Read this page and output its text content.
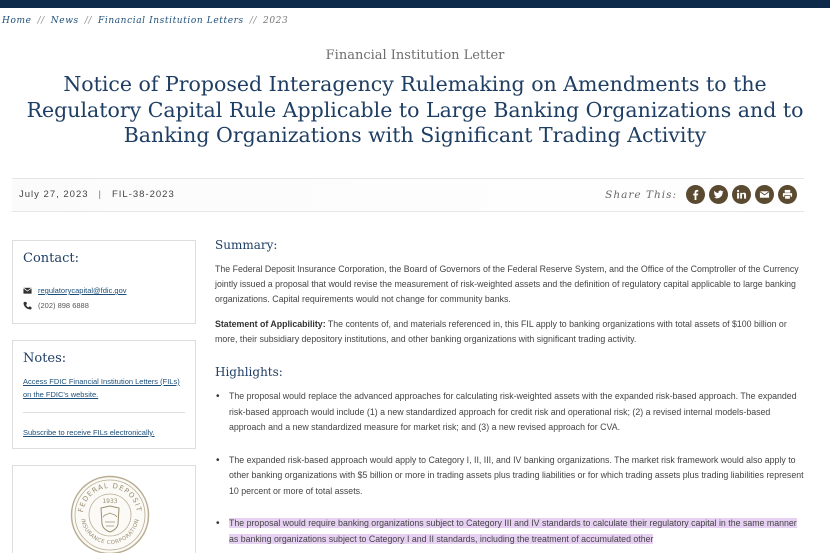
Home // News // Financial Institution Letters // 2023
Financial Institution Letter
Notice of Proposed Interagency Rulemaking on Amendments to the Regulatory Capital Rule Applicable to Large Banking Organizations and to Banking Organizations with Significant Trading Activity
July 27, 2023 | FIL-38-2023	Share This:
Contact:
regulatorycapital@fdic.gov
(202) 898 6888
Notes:
Access FDIC Financial Institution Letters (FILs) on the FDIC's website.
Subscribe to receive FILs electronically.
FEDERAL DEPOSIT
INSURANCE CORPORATION
1933
Summary:

The Federal Deposit Insurance Corporation, the Board of Governors of the Federal Reserve System, and the Office of the Comptroller of the Currency jointly issued a proposal that would revise the measurement of risk-weighted assets and the definition of regulatory capital applicable to large banking organizations. Capital requirements would not change for community banks.

Statement of Applicability: The contents of, and materials referenced in, this FIL apply to banking organizations with total assets of $100 billion or more, their subsidiary depository institutions, and other banking organizations with significant trading activity.

Highlights:
• The proposal would replace the advanced approaches for calculating risk-weighted assets with the expanded risk-based approach. The expanded risk-based approach would include (1) a new standardized approach for credit risk and operational risk; (2) a revised internal models-based approach and a new standardized measure for market risk; and (3) a new revised approach for CVA.
• The expanded risk-based approach would apply to Category I, II, III, and IV banking organizations. The market risk framework would also apply to other banking organizations with $5 billion or more in trading assets plus trading liabilities or for which trading assets plus trading liabilities represent 10 percent or more of total assets.
• The proposal would require banking organizations subject to Category III and IV standards to calculate their regulatory capital in the same manner as banking organizations subject to Category I and II standards, including the treatment of accumulated other
